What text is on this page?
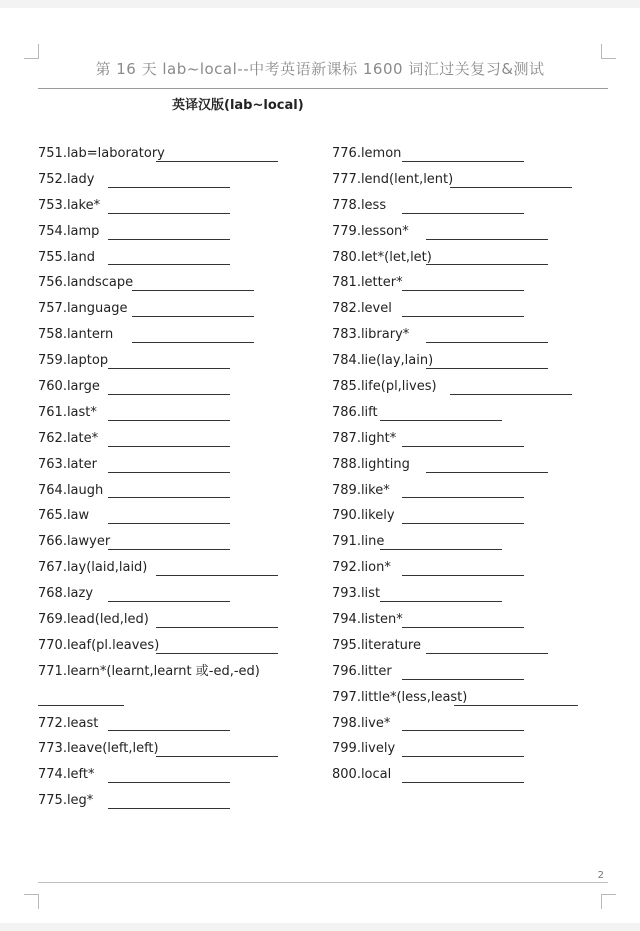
第 16 天 lab~local--中考英语新课标 1600 词汇过关复习&测试
英译汉版(lab~local)
751.lab=laboratory
752.lady
753.lake*
754.lamp
755.land
756.landscape
757.language
758.lantern
759.laptop
760.large
761.last*
762.late*
763.later
764.laugh
765.law
766.lawyer
767.lay(laid,laid)
768.lazy
769.lead(led,led)
770.leaf(pl.leaves)
771.learn*(learnt,learnt 或-ed,-ed)
772.least
773.leave(left,left)
774.left*
775.leg*
776.lemon
777.lend(lent,lent)
778.less
779.lesson*
780.let*(let,let)
781.letter*
782.level
783.library*
784.lie(lay,lain)
785.life(pl,lives)
786.lift
787.light*
788.lighting
789.like*
790.likely
791.line
792.lion*
793.list
794.listen*
795.literature
796.litter
797.little*(less,least)
798.live*
799.lively
800.local
2
